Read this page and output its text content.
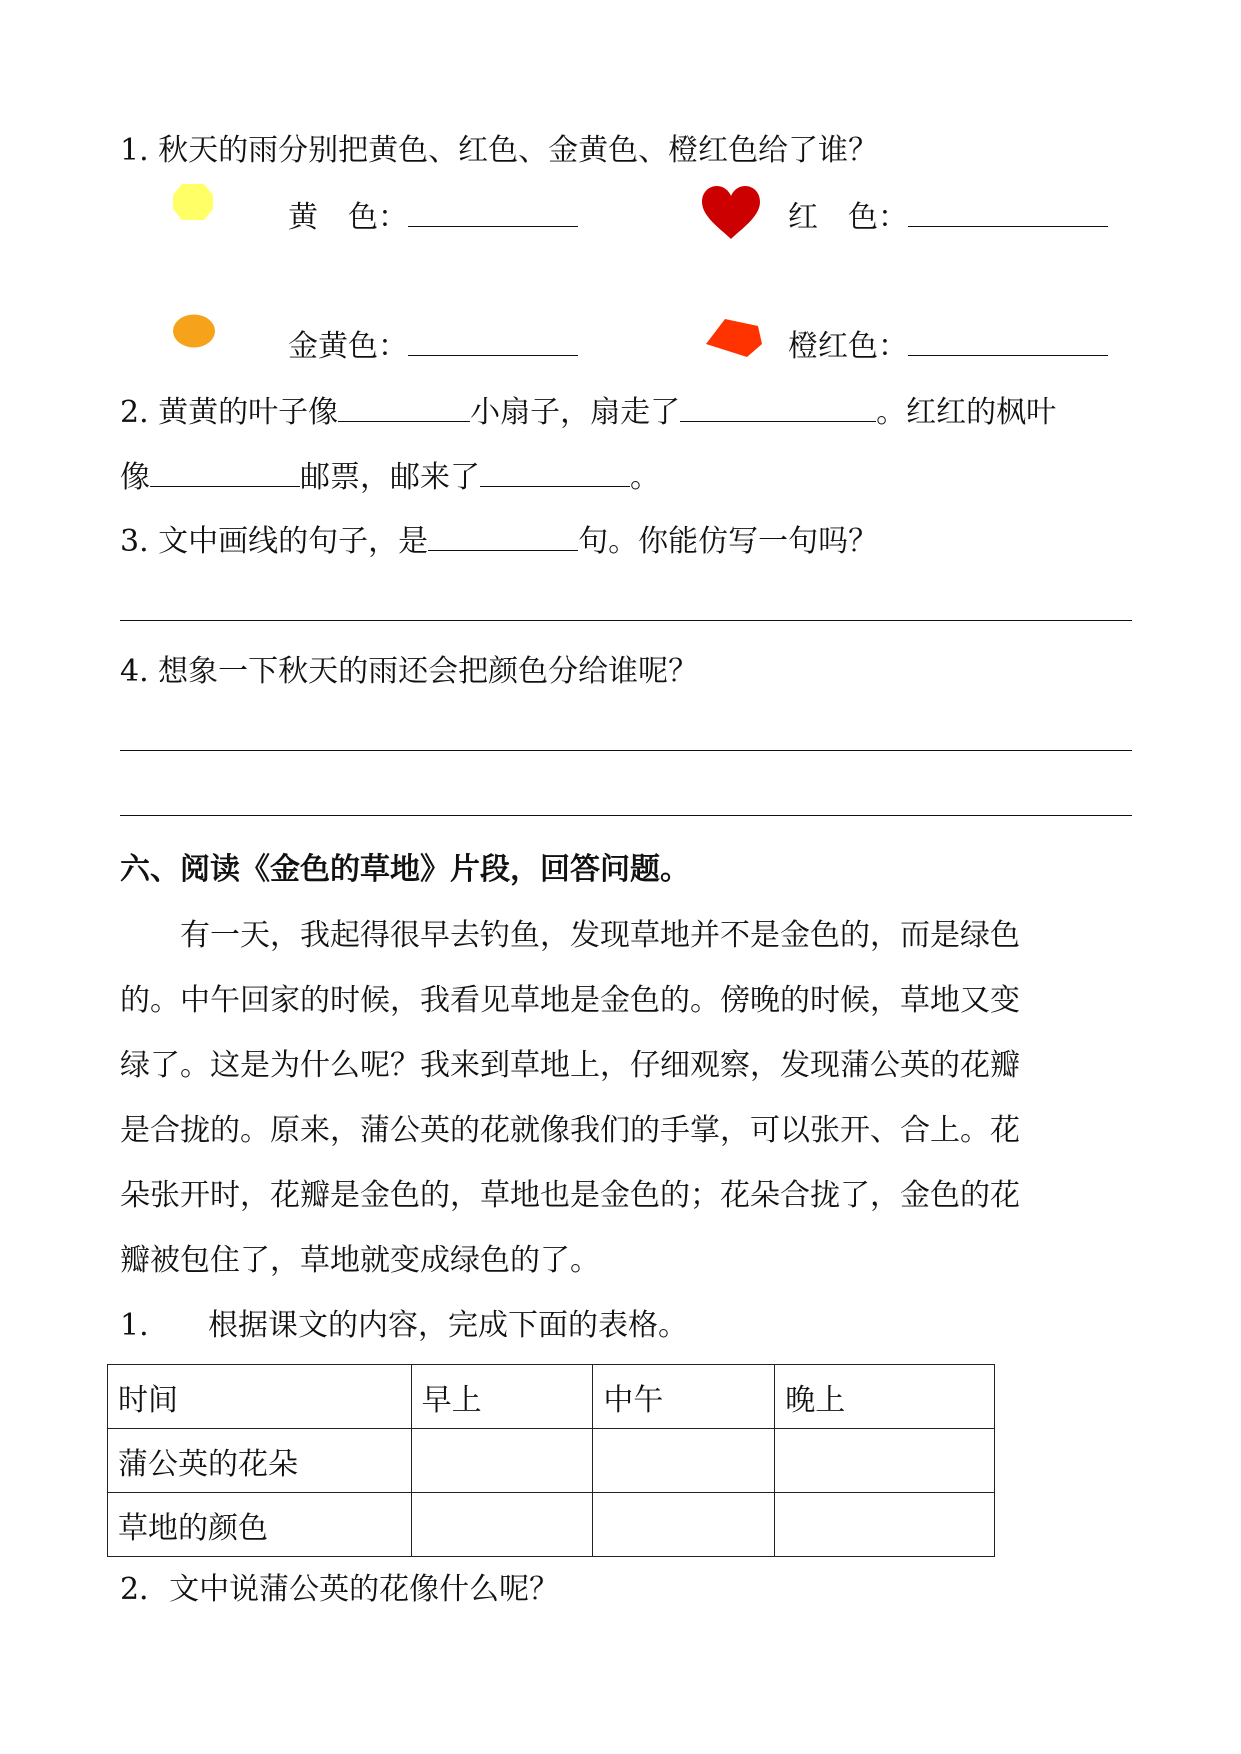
1. 秋天的雨分别把黄色、红色、金黄色、橙红色给了谁？
黄　色：	红　色：
金黄色：	橙红色：
2. 黄黄的叶子像	小扇子，扇走了	。红红的枫叶
像	邮票，邮来了	。
3. 文中画线的句子，是	句。你能仿写一句吗？
4. 想象一下秋天的雨还会把颜色分给谁呢？
六、阅读《金色的草地》片段，回答问题。

　　有一天，我起得很早去钓鱼，发现草地并不是金色的，而是绿色

的。中午回家的时候，我看见草地是金色的。傍晚的时候，草地又变

绿了。这是为什么呢？我来到草地上，仔细观察，发现蒲公英的花瓣

是合拢的。原来，蒲公英的花就像我们的手掌，可以张开、合上。花

朵张开时，花瓣是金色的，草地也是金色的；花朵合拢了，金色的花

瓣被包住了，草地就变成绿色的了。

1. 根据课文的内容，完成下面的表格。
时间	早上	中午	晚上
蒲公英的花朵			
草地的颜色			
2．文中说蒲公英的花像什么呢？
